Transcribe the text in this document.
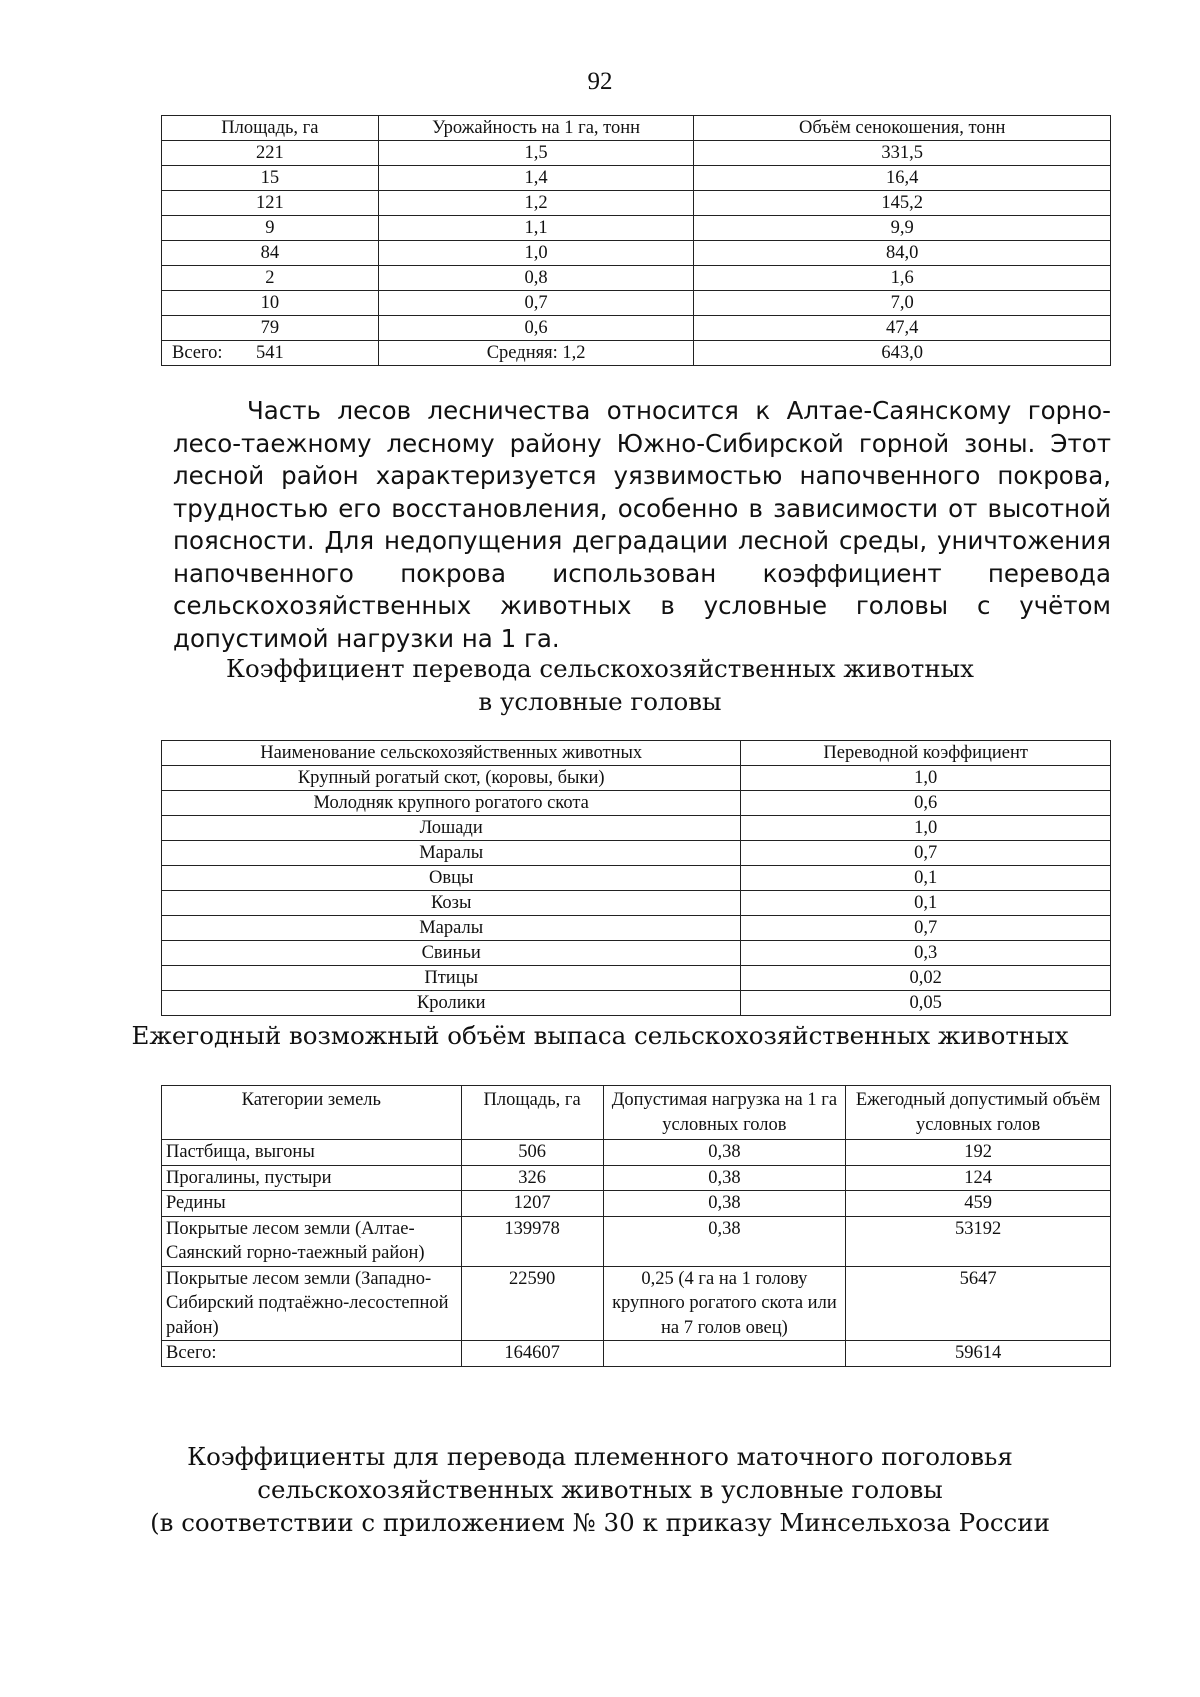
92
Площадь, га	Урожайность на 1 га, тонн	Объём сенокошения, тонн
221	1,5	331,5
15	1,4	16,4
121	1,2	145,2
9	1,1	9,9
84	1,0	84,0
2	0,8	1,6
10	0,7	7,0
79	0,6	47,4

Всего: 541	Средняя: 1,2	643,0
Часть лесов лесничества относится к Алтае-Саянскому горно-лесо-таежному лесному району Южно-Сибирской горной зоны. Этот лесной район характеризуется уязвимостью напочвенного покрова, трудностью его восстановления, особенно в зависимости от высотной поясности. Для недопущения деградации лесной среды, уничтожения напочвенного покрова использован коэффициент перевода сельскохозяйственных животных в условные головы с учётом допустимой нагрузки на 1 га.
Коэффициент перевода сельскохозяйственных животных
в условные головы
Наименование сельскохозяйственных животных	Переводной коэффициент
Крупный рогатый скот, (коровы, быки)	1,0
Молодняк крупного рогатого скота	0,6
Лошади	1,0
Маралы	0,7
Овцы	0,1
Козы	0,1
Маралы	0,7
Свиньи	0,3
Птицы	0,02
Кролики	0,05
Ежегодный возможный объём выпаса сельскохозяйственных животных
Категории земель	Площадь, га	Допустимая нагрузка на 1 га условных голов	Ежегодный допустимый объём условных голов
Пастбища, выгоны	506	0,38	192
Прогалины, пустыри	326	0,38	124
Редины	1207	0,38	459
Покрытые лесом земли (Алтае-Саянский горно-таежный район)	139978	0,38	53192
Покрытые лесом земли (Западно-Сибирский подтаёжно-лесостепной район)	22590	0,25 (4 га на 1 голову крупного рогатого скота или на 7 голов овец)	5647
Всего:	164607		59614
Коэффициенты для перевода племенного маточного поголовья
сельскохозяйственных животных в условные головы
(в соответствии с приложением № 30 к приказу Минсельхоза России
